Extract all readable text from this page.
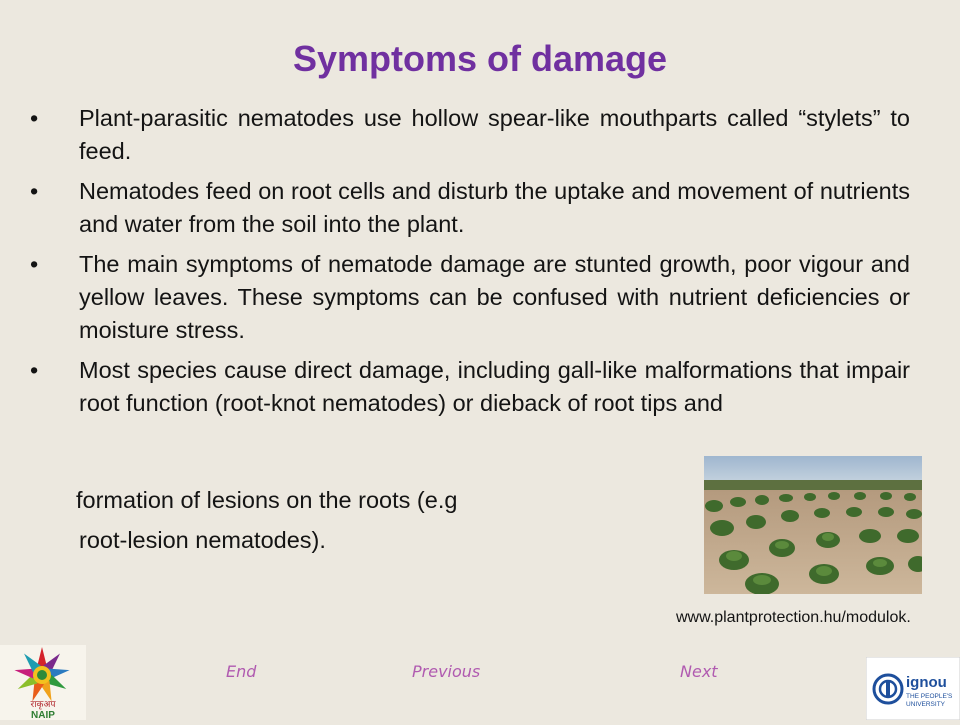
Symptoms of damage
• Plant-parasitic nematodes use hollow spear-like mouthparts called “stylets” to feed.
• Nematodes feed on root cells and disturb the uptake and movement of nutrients and water from the soil into the plant.
• The main symptoms of nematode damage are stunted growth, poor vigour and yellow leaves. These symptoms can be confused with nutrient deficiencies or moisture stress.
• Most species cause direct damage, including gall-like malformations that impair root function (root-knot nematodes) or dieback of root tips and
formation of lesions on the roots (e.g
root-lesion nematodes).
www.plantprotection.hu/modulok.
End	Previous	Next
राकृअप
NAIP
ignou
THE PEOPLE'S
UNIVERSITY
